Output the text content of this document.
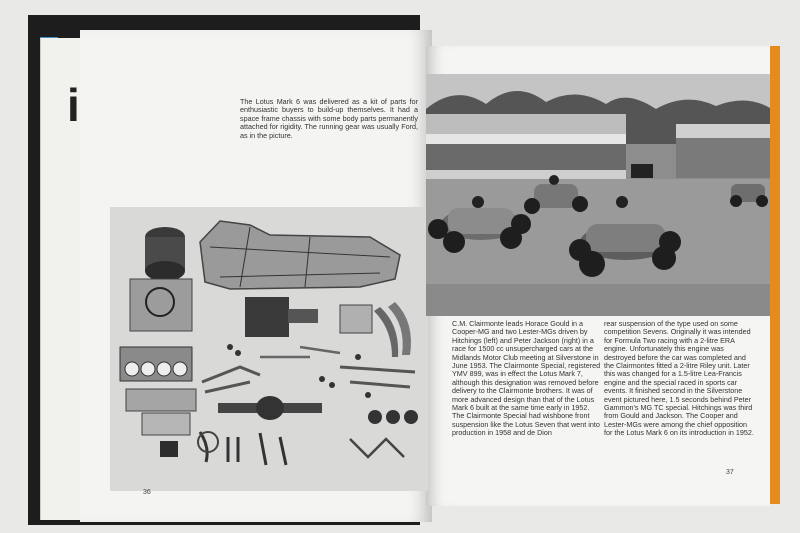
i	The Lotus Mark 6 was delivered as a kit of parts for enthusiastic buyers to build-up themselves. It had a space frame chassis with some body parts permanently attached for rigidity. The running gear was usually Ford, as in the picture.
C.M. Clairmonte leads Horace Gould in a Cooper-MG and two Lester-MGs driven by Hitchings (left) and Peter Jackson (right) in a race for 1500 cc unsupercharged cars at the Midlands Motor Club meeting at Silverstone in June 1953. The Clairmonte Special, registered YMV 899, was in effect the Lotus Mark 7, although this designation was removed before delivery to the Clairmonte brothers. It was of more advanced design than that of the Lotus Mark 6 built at the same time early in 1952. The Clairmonte Special had wishbone front suspension like the Lotus Seven that went into production in 1958 and de Dion
rear suspension of the type used on some competition Sevens. Originally it was intended for Formula Two racing with a 2-litre ERA engine. Unfortunately this engine was destroyed before the car was completed and the Clairmontes fitted a 2-litre Riley unit. Later this was changed for a 1.5-litre Lea-Francis engine and the special raced in sports car events. It finished second in the Silverstone event pictured here, 1.5 seconds behind Peter Gammon's MG TC special. Hitchings was third from Gould and Jackson. The Cooper and Lester-MGs were among the chief opposition for the Lotus Mark 6 on its introduction in 1952.
36
37
